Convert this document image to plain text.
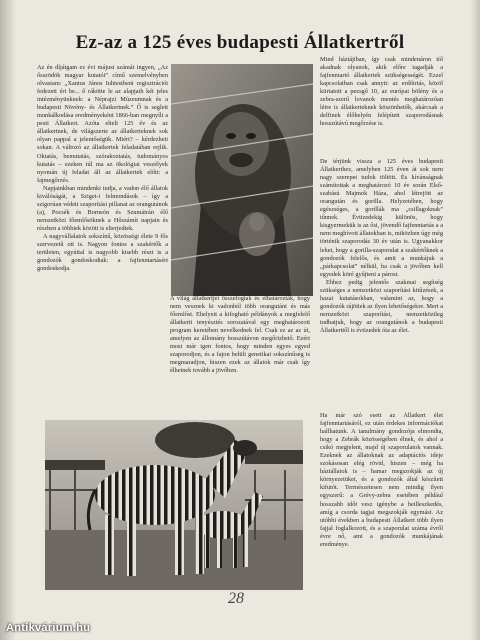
Ez-az a 125 éves budapesti Állatkertről

Az én díjátgam ez évi májusi számát ingyen, „Az ősszödök magyar kutatói” című szemelvényben olvastam: „Xantus János Iuhtestbeni regisztrációt fedezett ért be... ő rákötte le az alapjaih két jeles intézményünknek: a Néprajzi Múzeumnak és a budapesti Növény- és Állatkertnek.” Ő is seglett munkálkodása eredményeként 1866-ban megnyílt a pesti Állatkert. Azóta eltelt 125 év és az állatkertnek, de világszerte az állatkerteknek sok olyan pappal a jelentőségük. Miért? – kérdezheti sokan. A változó az állatkertek feladatában rejlik. Oktatás, bemutatás, szórakoztatás, tudományos kutatás – ezeken túl ma az ökológiai veszélyek nyomán új feladat áll az állatkertek előtt: a fajmegőrzés.

Napjainkban mindenki tudja, a vadon élő állatok kiválóságát, a Sziget-i felmondások – így a szigorúan védett szaporítási pillanat az orangutánok (a), Pocsék és Borneón és Szumátrán élő nemzetközi főemlősöknek a Hőszámít napjain és részben a többiek között is elterjedtek.

A nagyvállalatok sokszínű, közösségi élete 9 fős szervezetű ott is. Nagyon fontos a szakértők a területen, egyúttal is nagyobb kisebb részt is a gondozók gondoskodtak: a fajfenntartásért gondoskodja.

A világ állatkertjei összefogtak és elhatározták, hogy nem vesznek ki vadonból több orangutánt és más főemlőst. Ehelyett a kifogható példányok a megfelelő állatkerti tenyésztés sorozatával egy meghatározott program keretében nevelkednek fel. Csak ez az az út, amelyen az állomány hosszútávon megőrizhető. Ezért most már igen fontos, hogy minden egyes egyed szaporodjon, és a fajon belüli genetikai sokszínűség is megmaradjon, hiszen ezek az állatok már csak így élhetnek tovább a jövőben.

Mind háztájiban, így csak mindenáron tól akadnak olyanok, akik előre tagadják a fajfenntartó állatkertek szükségességét. Ezzel kapcsolatban csak annyit: az erdőirtás, közöl kiirtatott a pezsgő 10, az európai bölény és a zebra-szerű lovanok mentés meghatározóan létre is állatkerteknek köszönhetők, akárcsak a delfinek élőhelyén felépített szaporodásnak hosszútávú megőrzése is.

De térjünk vissza a 125 éves budapesti Állatkerthez, amelyben 125 éven át sok nem nagy szerepet tudok töltött. És kívánságnak számítottak a meghatározó 10 év során Első-szabású Majmok Háza, ahol létrejött az orangután és gorilla. Helyzetében, hogy egészséges, a gorillák ma „csillagoknak” tűnnek. Évtizedekig különös, hogy kisgyermekük is az ősi, jövendő fajfenntartás a a nem meghívott állatokban is, miközben úgy még történik szaporodás 30 év után is. Ugyanakkor lehet, hogy a gorilla-szaporulat a szakértőknek a gondozók felelős, és amit a munkájuk a „párkapcsolat” nélkül, ha csak a jövőben kell egyedek köré gyűjteni a párost.

Ehhez pedig jelentős szakmai segítség szükséges a nemzetközi szaporítási kitűzések, a hazai kutatásokban, valamint az, hogy a gondozók rájöttek az ilyen lehetőségekre. Mert a nemzetközi szaporítási, nemzetközileg tudhatjuk, hogy az orangutánok a budapesti Állatkerttől is évtizedek óta az élet.

Ha már szó esett az Állatkert élet fajfenntartásáról, ez után érdekes információkat hallhatunk. A tanulmány gondozója elmondta, hogy a Zebrák közösségében élnek, és ahol a csikó megjelent, majd új szaporulatok vannak. Ezeknek az állatoknak az adaptációs ideje szokásosan elég rövid, hiszen – még ha háziállatok is – hamar megszokják az új környezetüket, és a gondozók által készített kifutót. Természetesen nem mindig ilyen egyszerű: a Grévy-zebra esetében például hosszabb időt vesz igénybe a beilleszkedés, amíg a csorda tagjai megszokják egymást. Az utóbbi években a budapesti Állatkert több ilyen fajjal foglalkozott, és a szaporulat száma évről évre nő, ami a gondozók munkájának eredménye.

28
Antikvárium.hu
